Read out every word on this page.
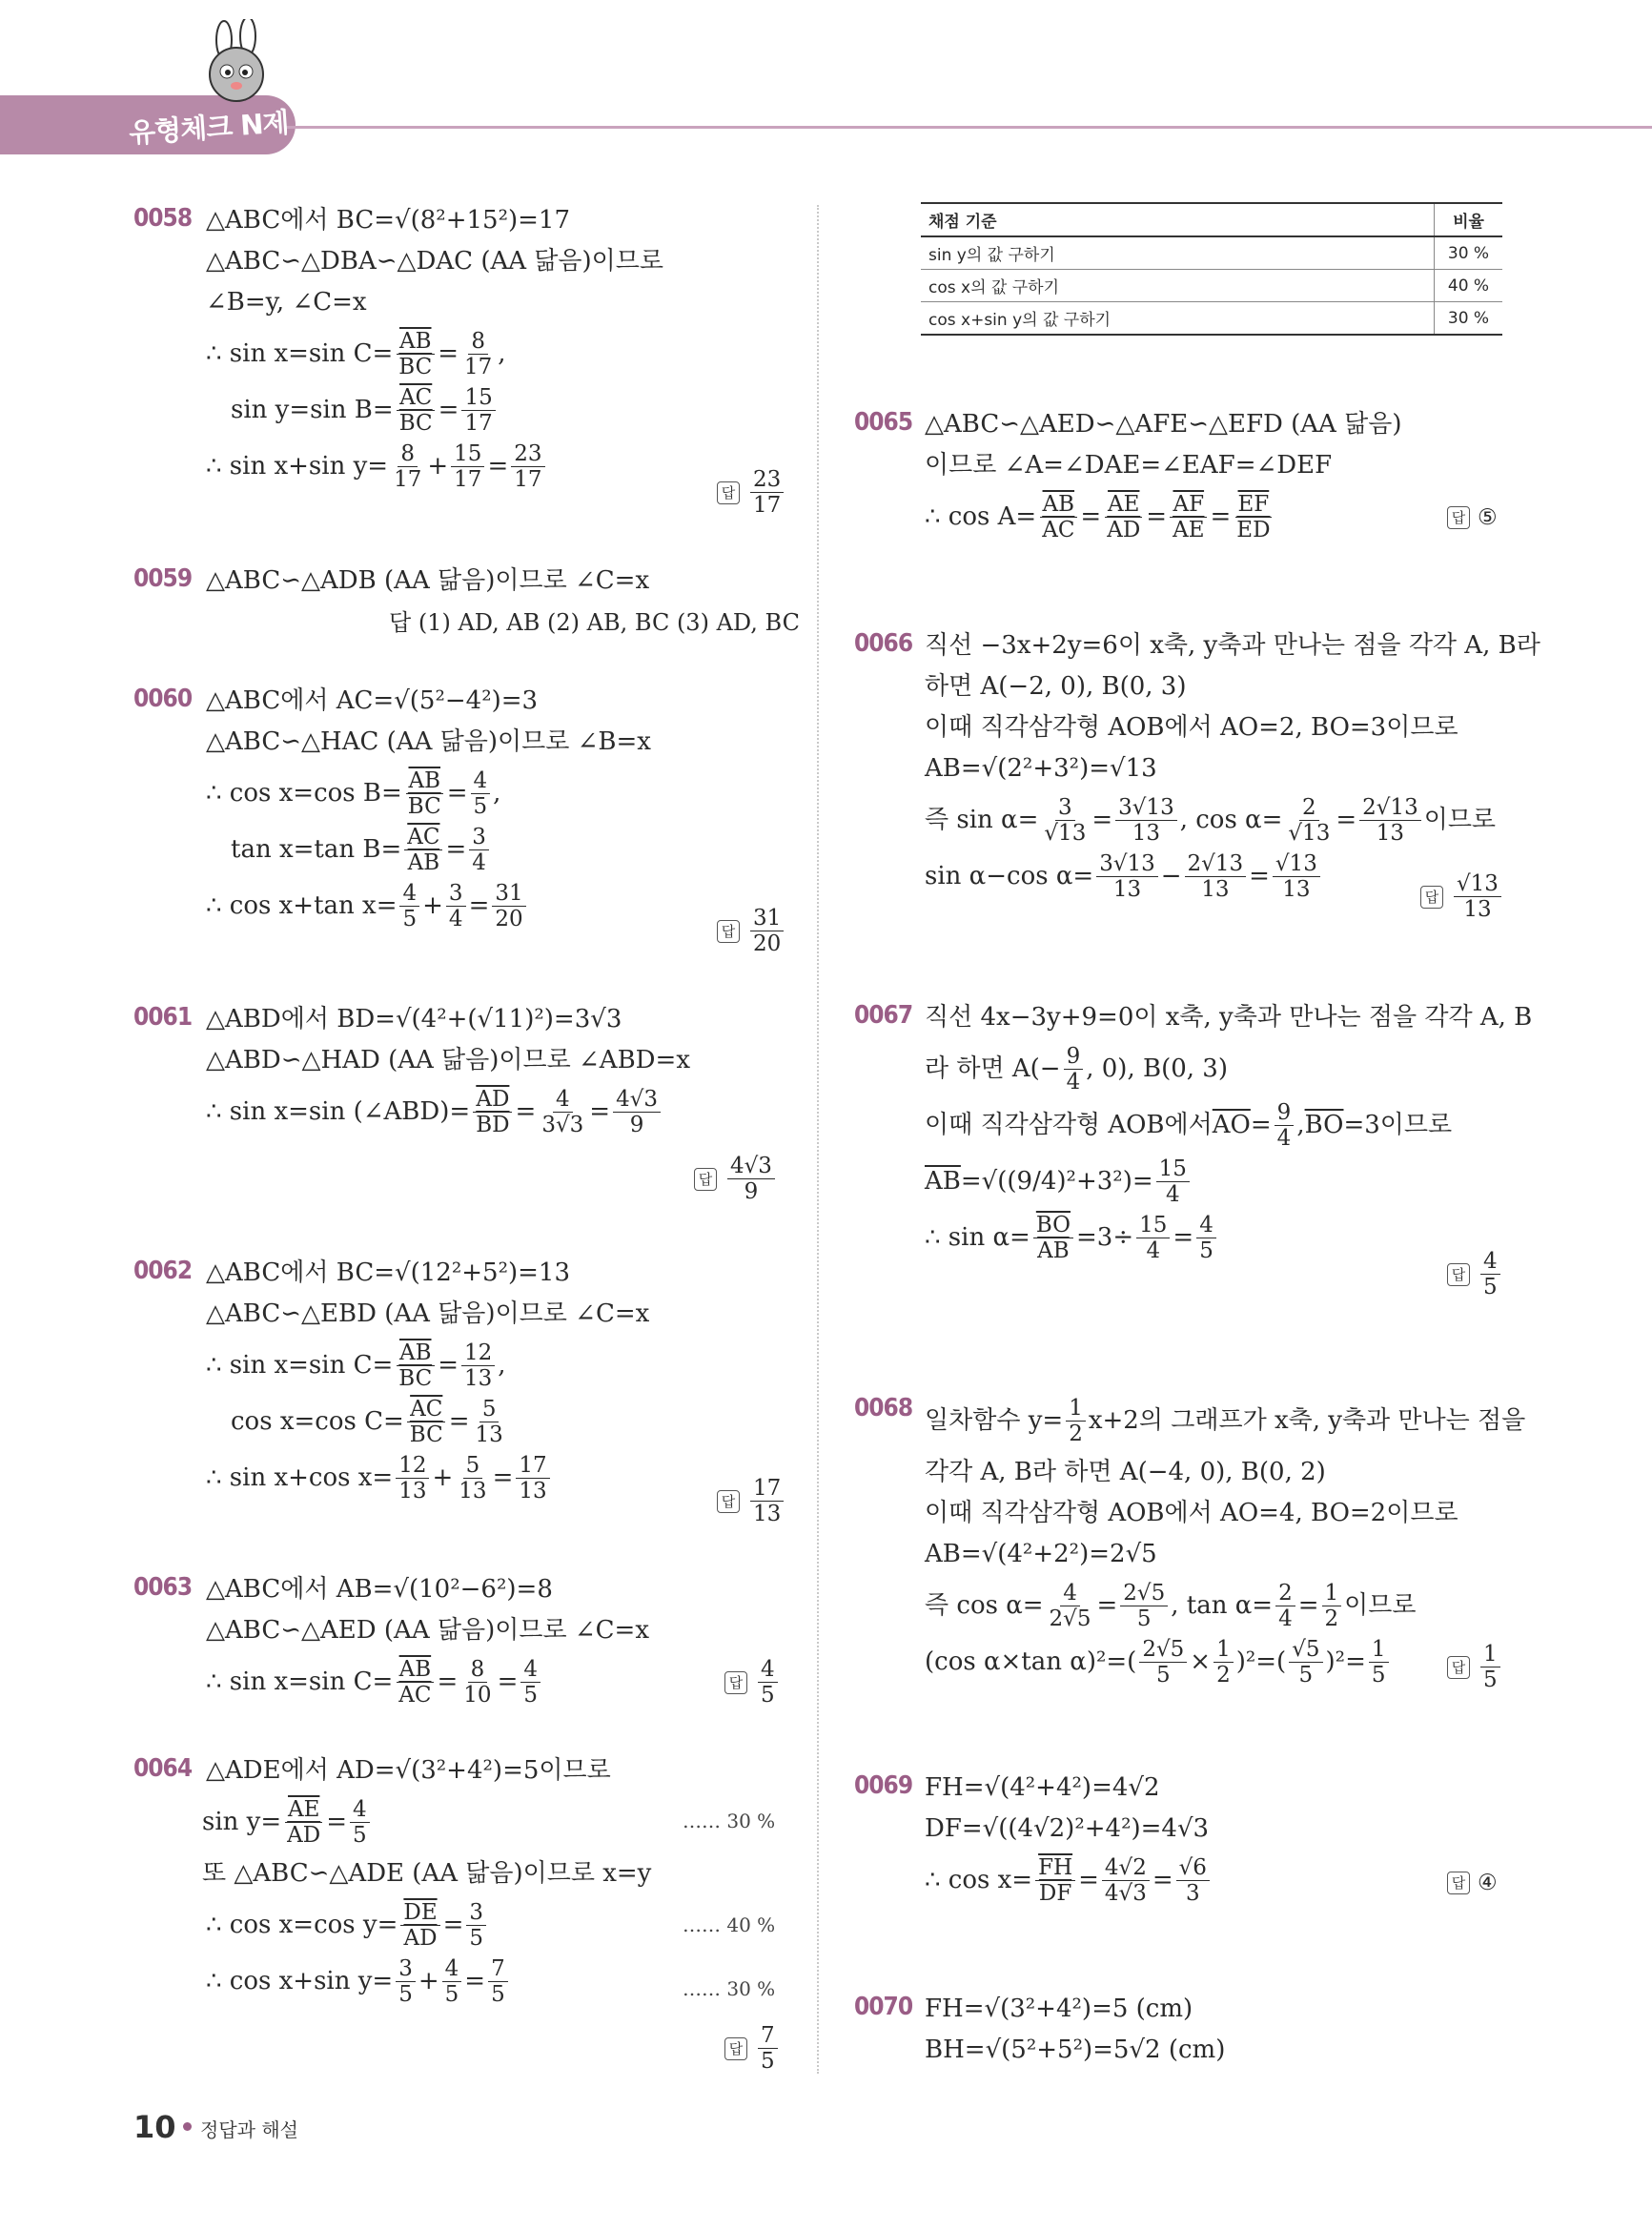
유형체크 N제
0058 △ABC에서 BC=√(8²+15²)=17
△ABC∽△DBA∽△DAC (AA 닮음)이므로
∠B=y, ∠C=x
∴ sin x=sin $C= \frac{\overline{AB}}{BC} = \frac{8}{17}$ ,
sin y=sin $B= \frac{\overline{AC}}{BC} = \frac{15}{17}$
∴ sin x+sin $y= \frac{8}{17} + \frac{15}{17} = \frac{23}{17}$
답 $\frac{23}{17}$
0059 △ABC∽△ADB (AA 닮음)이므로 ∠C=x
답 (1) AD, AB (2) AB, BC (3) AD, BC
0060 △ABC에서 AC=√(5²−4²)=3
△ABC∽△HAC (AA 닮음)이므로 ∠B=x
∴ cos x=cos $B= \frac{\overline{AB}}{BC} = \frac{4}{5}$ ,
tan x=tan $B= \frac{\overline{AC}}{AB} = \frac{3}{4}$
∴ cos x+tan $x= \frac{4}{5} + \frac{3}{4} = \frac{31}{20}$	답 $\frac{31}{20}$
0061 △ABD에서 BD=√(4²+(√11)²)=3√3
△ABD∽△HAD (AA 닮음)이므로 ∠ABD=x
∴ sin x=sin (∠ABD)= $\frac{\overline{AD}}{BD} = \frac{4}{3√3} = \frac{4√3}{9}$
답 $\frac{4√3}{9}$
0062 △ABC에서 BC=√(12²+5²)=13
△ABC∽△EBD (AA 닮음)이므로 ∠C=x
∴ sin x=sin $C= \frac{\overline{AB}}{BC} = \frac{12}{13}$ ,
cos x=cos $C= \frac{\overline{AC}}{BC} = \frac{5}{13}$
∴ sin x+cos $x= \frac{12}{13} + \frac{5}{13} = \frac{17}{13}$	답 $\frac{17}{13}$
0063 △ABC에서 AB=√(10²−6²)=8
△ABC∽△AED (AA 닮음)이므로 ∠C=x
∴ sin x=sin $C= \frac{\overline{AB}}{AC} = \frac{8}{10} = \frac{4}{5}$	답 $\frac{4}{5}$
0064 △ADE에서 AD=√(3²+4²)=5이므로
$\sin y= \frac{\overline{AE}}{AD} = \frac{4}{5}$
또 △ABC∽△ADE (AA 닮음)이므로 x=y
∴ cos x=cos $y= \frac{\overline{DE}}{AD} = \frac{3}{5}$
∴ cos x+sin $y= \frac{3}{5} + \frac{4}{5} = \frac{7}{5}$
…… 30 %
…… 40 %
…… 30 %
답 $\frac{7}{5}$
채점 기준	비율
sin y의 값 구하기	30 %
cos x의 값 구하기	40 %
cos x+sin y의 값 구하기	30 %
0065 △ABC∽△AED∽△AFE∽△EFD (AA 닮음)
이므로 ∠A=∠DAE=∠EAF=∠DEF
∴ $\cos A= \frac{\overline{AB}}{AC} = \frac{\overline{AE}}{AD} = \frac{\overline{AF}}{AE} = \frac{\overline{EF}}{ED}$	답 ⑤
0066 직선 −3x+2y=6이 x축, y축과 만나는 점을 각각 A, B라
하면 A(−2, 0), B(0, 3)
이때 직각삼각형 AOB에서 AO=2, BO=3이므로
AB=√(2²+3²)=√13
즉 $\sin \alpha= \frac{3}{√13} = \frac{3√13}{13}$ , $\cos \alpha= \frac{2}{√13} = \frac{2√13}{13}$ 이므로
sin α−cos $\alpha= \frac{3√13}{13} - \frac{2√13}{13} = \frac{√13}{13}$	답 $\frac{√13}{13}$
0067 직선 4x−3y+9=0이 x축, y축과 만나는 점을 각각 A, B
라 하면 $A(- \frac{9}{4}$ , 0), B(0, 3)
이때 직각삼각형 AOB에서 $\overline{AO} = \frac{9}{4}$ , $\overline{BO} =3$이므로
$\overline{AB} =√((9/4)^2+3^2)= \frac{15}{4}$
∴ $\sin \alpha= \frac{\overline{BO}}{AB} =3\div \frac{15}{4} = \frac{4}{5}$
답 $\frac{4}{5}$
0068 일차함수 $y= \frac{1}{2} x+2$의 그래프가 x축, y축과 만나는 점을
각각 A, B라 하면 A(−4, 0), B(0, 2)
이때 직각삼각형 AOB에서 AO=4, BO=2이므로
AB=√(4²+2²)=2√5
즉 $\cos \alpha= \frac{4}{2√5} = \frac{2√5}{5}$ , $\tan \alpha= \frac{2}{4} = \frac{1}{2}$ 이므로
(cos α×tan $\alpha)^2=( \frac{2√5}{5} \times \frac{1}{2} )^2=( \frac{√5}{5} )^2= \frac{1}{5}$	답 $\frac{1}{5}$
0069 FH=√(4²+4²)=4√2
DF=√((4√2)²+4²)=4√3
∴ $\cos x= \frac{\overline{FH}}{DF} = \frac{4√2}{4√3} = \frac{√6}{3}$	답 ④
0070 FH=√(3²+4²)=5 (cm)
BH=√(5²+5²)=5√2 (cm)
10 정답과 해설
